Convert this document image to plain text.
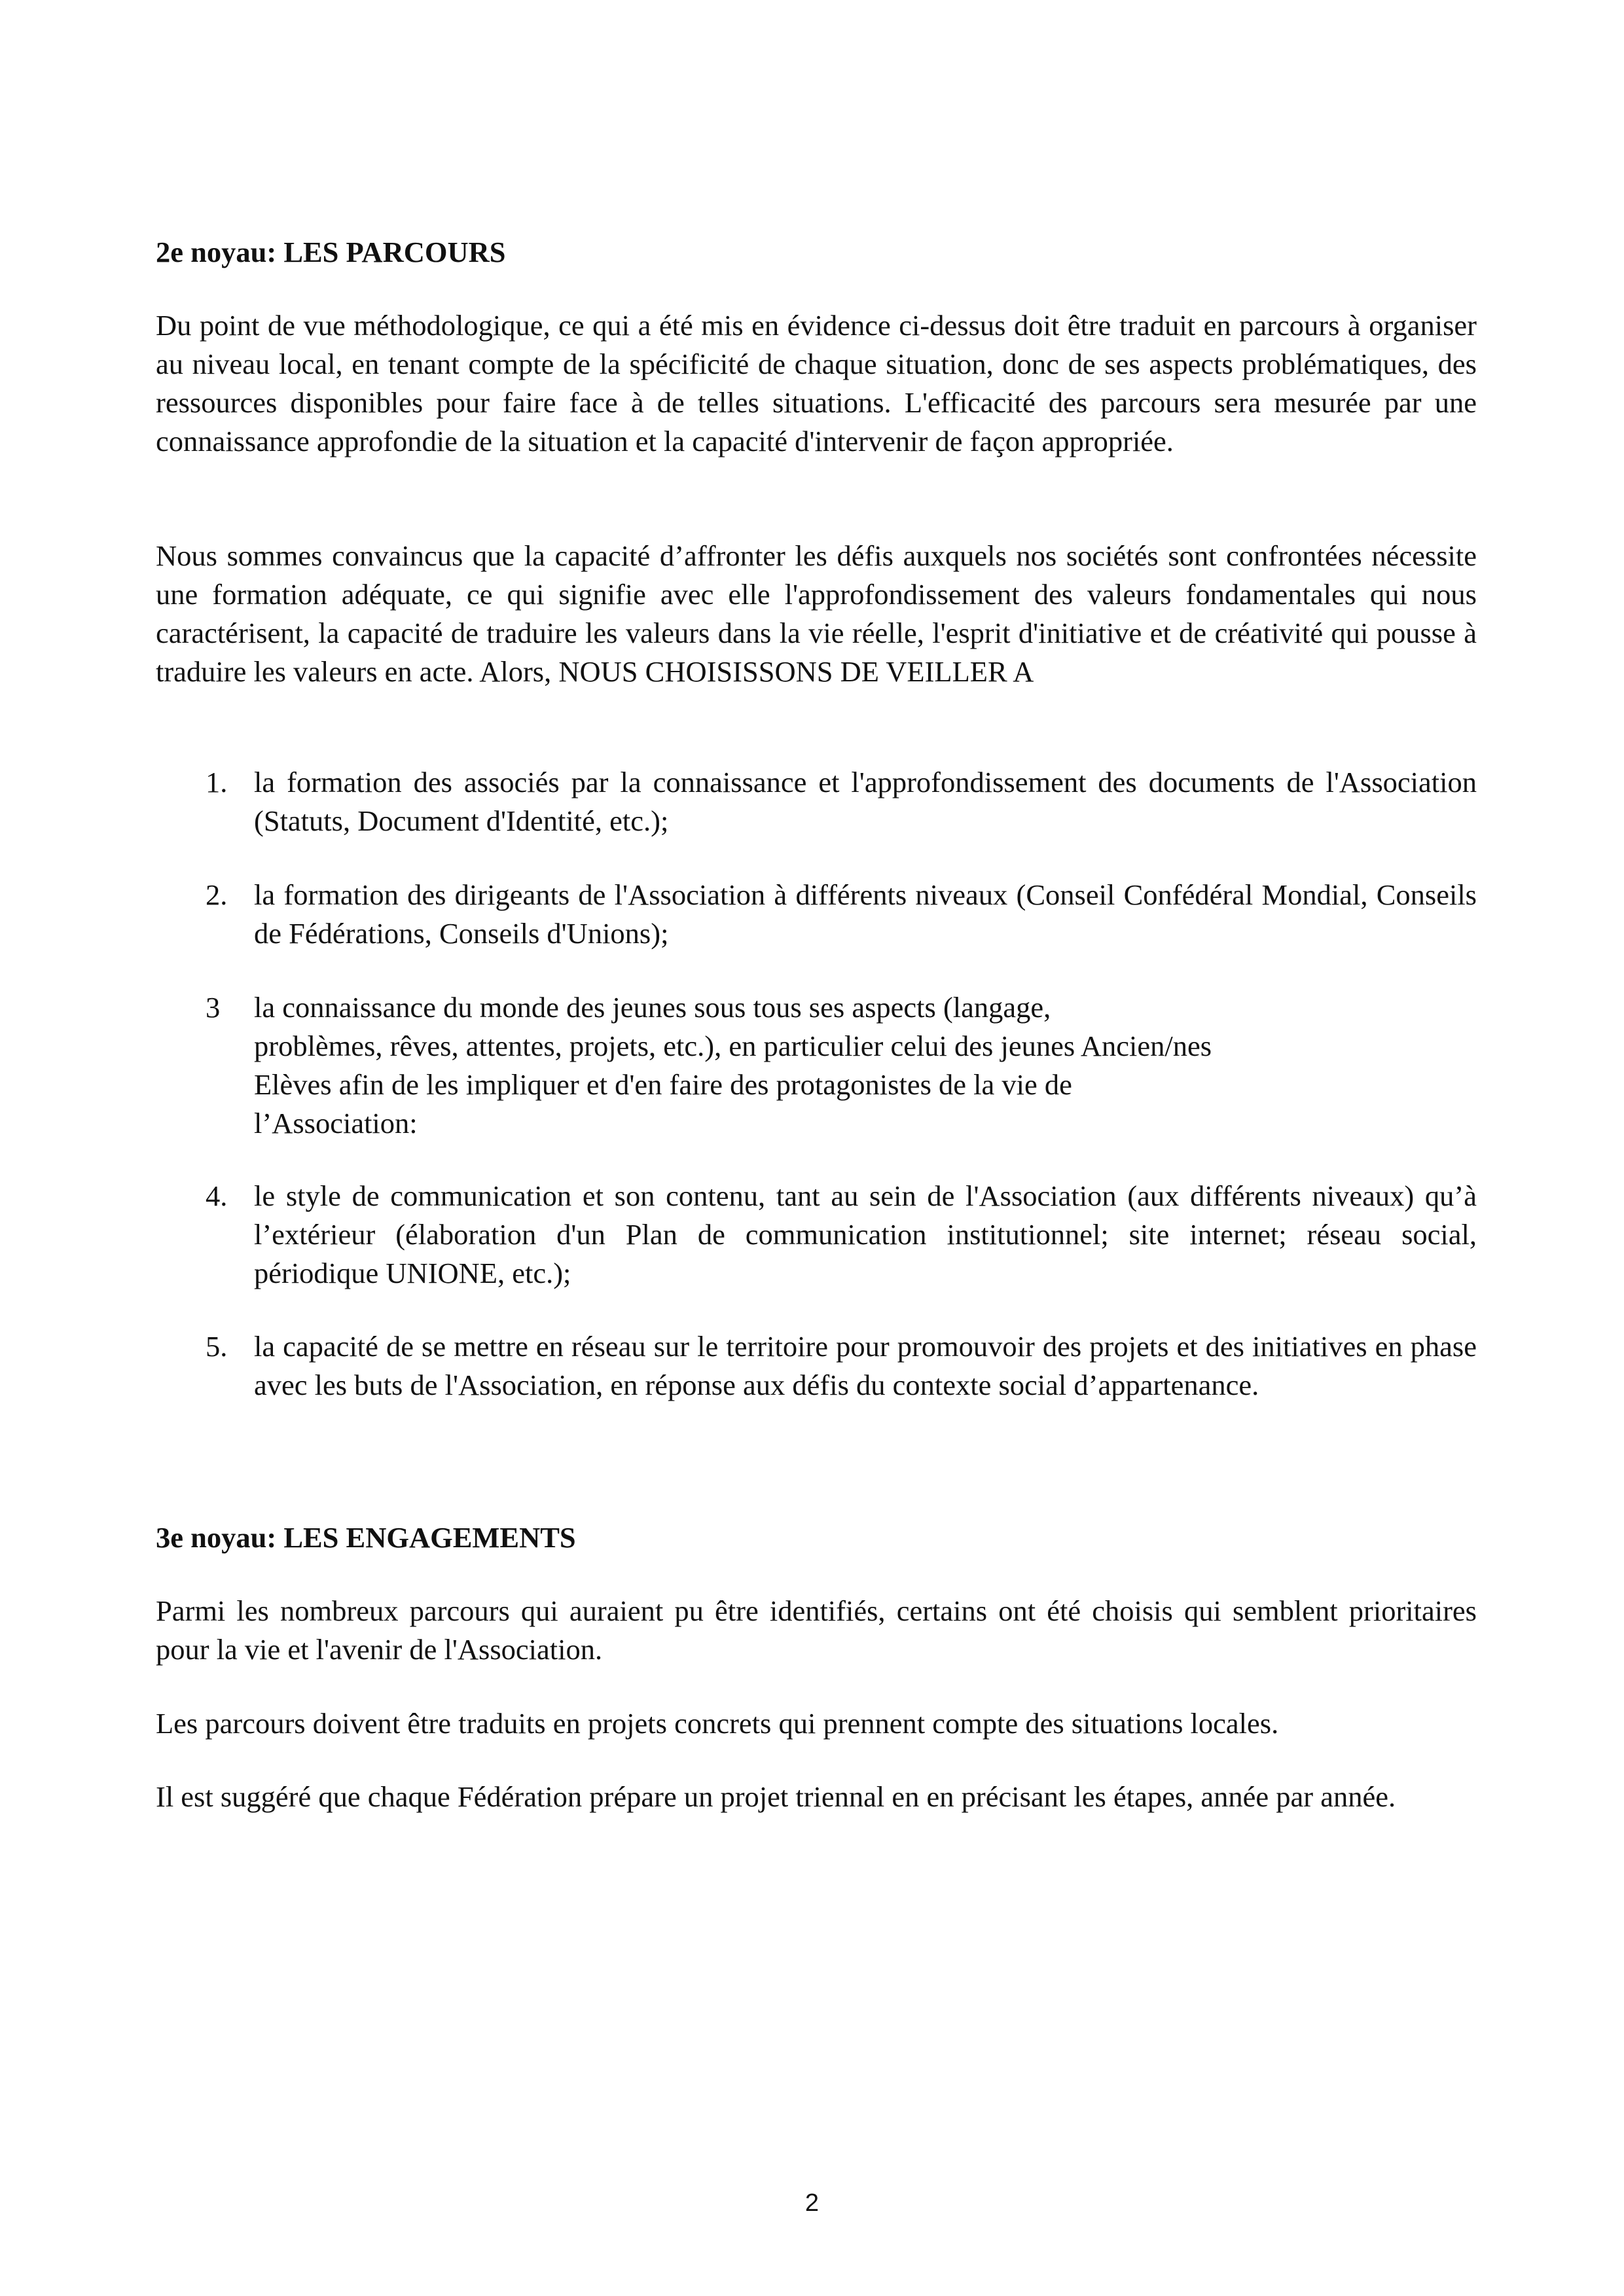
2e noyau: LES PARCOURS

Du point de vue méthodologique, ce qui a été mis en évidence ci-dessus doit être traduit en parcours à organiser au niveau local, en tenant compte de la spécificité de chaque situation, donc de ses aspects problématiques, des ressources disponibles pour faire face à de telles situations. L'efficacité des parcours sera mesurée par une connaissance approfondie de la situation et la capacité d'intervenir de façon appropriée.

Nous sommes convaincus que la capacité d’affronter les défis auxquels nos sociétés sont confrontées nécessite une formation adéquate, ce qui signifie avec elle l'approfondissement des valeurs fondamentales qui nous caractérisent, la capacité de traduire les valeurs dans la vie réelle, l'esprit d'initiative et de créativité qui pousse à traduire les valeurs en acte. Alors, NOUS CHOISISSONS DE VEILLER A

1. la formation des associés par la connaissance et l'approfondissement des documents de l'Association (Statuts, Document d'Identité, etc.);

2. la formation des dirigeants de l'Association à différents niveaux (Conseil Confédéral Mondial, Conseils de Fédérations, Conseils d'Unions);

3 la connaissance du monde des jeunes sous tous ses aspects (langage,
problèmes, rêves, attentes, projets, etc.), en particulier celui des jeunes Ancien/nes
Elèves afin de les impliquer et d'en faire des protagonistes de la vie de
l’Association:

4. le style de communication et son contenu, tant au sein de l'Association (aux différents niveaux) qu’à l’extérieur (élaboration d'un Plan de communication institutionnel; site internet; réseau social, périodique UNIONE, etc.);

5. la capacité de se mettre en réseau sur le territoire pour promouvoir des projets et des initiatives en phase avec les buts de l'Association, en réponse aux défis du contexte social d’appartenance.

3e noyau: LES ENGAGEMENTS

Parmi les nombreux parcours qui auraient pu être identifiés, certains ont été choisis qui semblent prioritaires pour la vie et l'avenir de l'Association.

Les parcours doivent être traduits en projets concrets qui prennent compte des situations locales.

Il est suggéré que chaque Fédération prépare un projet triennal en en précisant les étapes, année par année.

2
